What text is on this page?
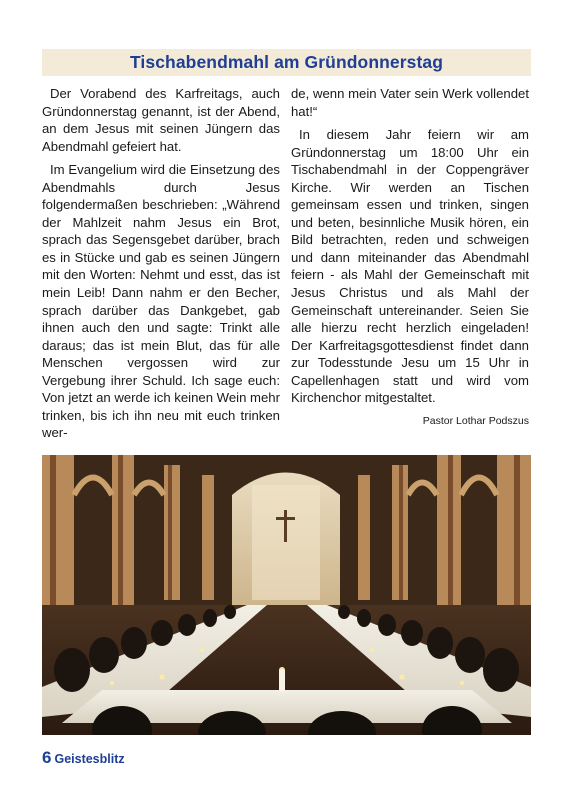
Tischabendmahl am Gründonnerstag

Der Vorabend des Karfreitags, auch Gründonnerstag genannt, ist der Abend, an dem Jesus mit seinen Jüngern das Abendmahl gefeiert hat.

Im Evangelium wird die Einsetzung des Abendmahls durch Jesus folgendermaßen beschrieben: „Während der Mahlzeit nahm Jesus ein Brot, sprach das Segensgebet darüber, brach es in Stücke und gab es seinen Jüngern mit den Worten: Nehmt und esst, das ist mein Leib! Dann nahm er den Becher, sprach darüber das Dankgebet, gab ihnen auch den und sagte: Trinkt alle daraus; das ist mein Blut, das für alle Menschen vergossen wird zur Vergebung ihrer Schuld. Ich sage euch: Von jetzt an werde ich keinen Wein mehr trinken, bis ich ihn neu mit euch trinken wer-

de, wenn mein Vater sein Werk vollendet hat!“

In diesem Jahr feiern wir am Gründonnerstag um 18:00 Uhr ein Tischabendmahl in der Coppengräver Kirche. Wir werden an Tischen gemeinsam essen und trinken, singen und beten, besinnliche Musik hören, ein Bild betrachten, reden und schweigen und dann miteinander das Abendmahl feiern - als Mahl der Gemeinschaft mit Jesus Christus und als Mahl der Gemeinschaft untereinander. Seien Sie alle hierzu recht herzlich eingeladen! Der Karfreitagsgottesdienst findet dann zur Todesstunde Jesu um 15 Uhr in Capellenhagen statt und wird vom Kirchenchor mitgestaltet.

Pastor Lothar Podszus
6 Geistesblitz
